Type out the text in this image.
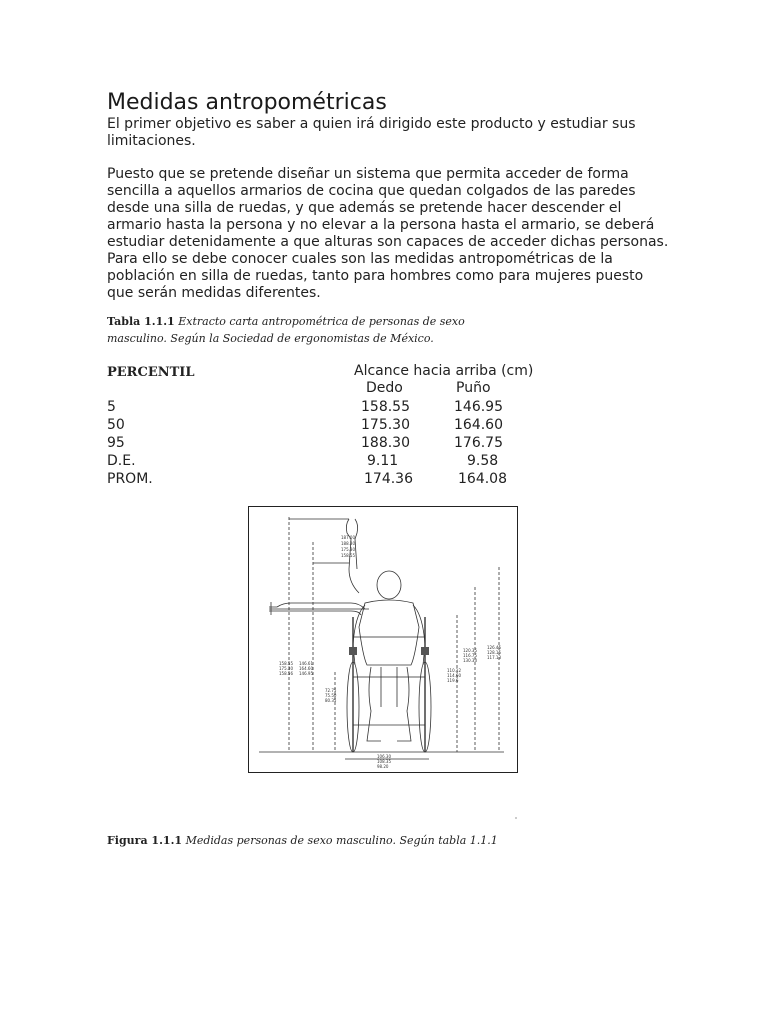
Medidas antropométricas

El primer objetivo es saber a quien irá dirigido este producto y estudiar sus
limitaciones.

Puesto que se pretende diseñar un sistema que permita acceder de forma
sencilla a aquellos armarios de cocina que quedan colgados de las paredes
desde una silla de ruedas, y que además se pretende hacer descender el
armario hasta la persona y no elevar a la persona hasta el armario, se deberá
estudiar detenidamente a que alturas son capaces de acceder dichas personas.
Para ello se debe conocer cuales son las medidas antropométricas de la
población en silla de ruedas, tanto para hombres como para mujeres puesto
que serán medidas diferentes.

Tabla 1.1.1 Extracto carta antropométrica de personas de sexo
masculino. Según la Sociedad de ergonomistas de México.
PERCENTIL	Alcance hacia arriba (cm)
Dedo	Puño
5	158.55	146.95
50	175.30	164.60
95	188.30	176.75
D.E.	9.11	9.58
PROM.	174.36	164.08
187.00
188.30
175.30
158.55
158.55
175.30
158.56
146.61
164.60
146.95
72.75
75.50
80.35
110.12
114.60
119.6
120.35
116.75
130.33
126.45
128.15
117.13
106.30
108.35
98.20
Figura 1.1.1 Medidas personas de sexo masculino. Según tabla 1.1.1
